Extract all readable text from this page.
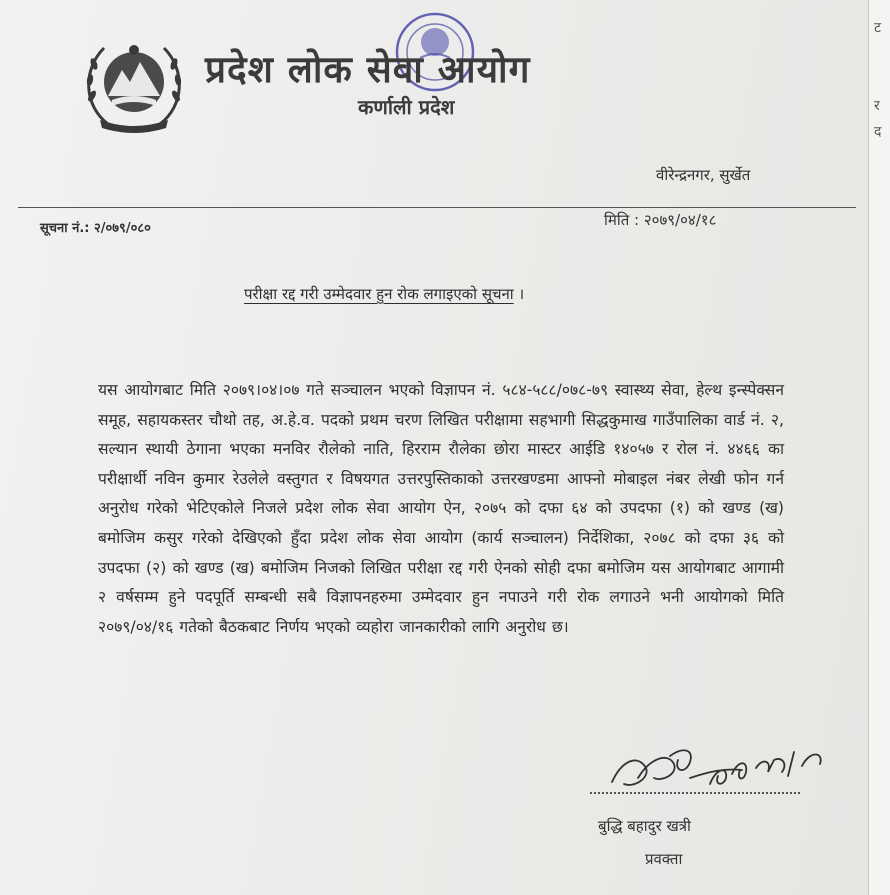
ट
र
द
प्रदेश लोक सेवा आयोग
कर्णाली प्रदेश
वीरेन्द्रनगर, सुर्खेत
सूचना नं.: २/०७९/०८०	मिति : २०७९/०४/१८
परीक्षा रद्द गरी उम्मेदवार हुन रोक लगाइएको सूचना ।
यस आयोगबाट मिति २०७९।०४।०७ गते सञ्चालन भएको विज्ञापन नं. ५८४-५८८/०७८-७९ स्वास्थ्य सेवा, हेल्थ इन्स्पेक्सन समूह, सहायकस्तर चौथो तह, अ.हे.व. पदको प्रथम चरण लिखित परीक्षामा सहभागी सिद्धकुमाख गाउँपालिका वार्ड नं. २, सल्यान स्थायी ठेगाना भएका मनविर रौलेको नाति, हिरराम रौलेका छोरा मास्टर आईडि १४०५७ र रोल नं. ४४६६ का परीक्षार्थी नविन कुमार रेउलेले वस्तुगत र विषयगत उत्तरपुस्तिकाको उत्तरखण्डमा आफ्नो मोबाइल नंबर लेखी फोन गर्न अनुरोध गरेको भेटिएकोले निजले प्रदेश लोक सेवा आयोग ऐन, २०७५ को दफा ६४ को उपदफा (१) को खण्ड (ख) बमोजिम कसुर गरेको देखिएको हुँदा प्रदेश लोक सेवा आयोग (कार्य सञ्चालन) निर्देशिका, २०७८ को दफा ३६ को उपदफा (२) को खण्ड (ख) बमोजिम निजको लिखित परीक्षा रद्द गरी ऐनको सोही दफा बमोजिम यस आयोगबाट आगामी २ वर्षसम्म हुने पदपूर्ति सम्बन्धी सबै विज्ञापनहरुमा उम्मेदवार हुन नपाउने गरी रोक लगाउने भनी आयोगको मिति २०७९/०४/१६ गतेको बैठकबाट निर्णय भएको व्यहोरा जानकारीको लागि अनुरोध छ।
बुद्धि बहादुर खत्री
प्रवक्ता
